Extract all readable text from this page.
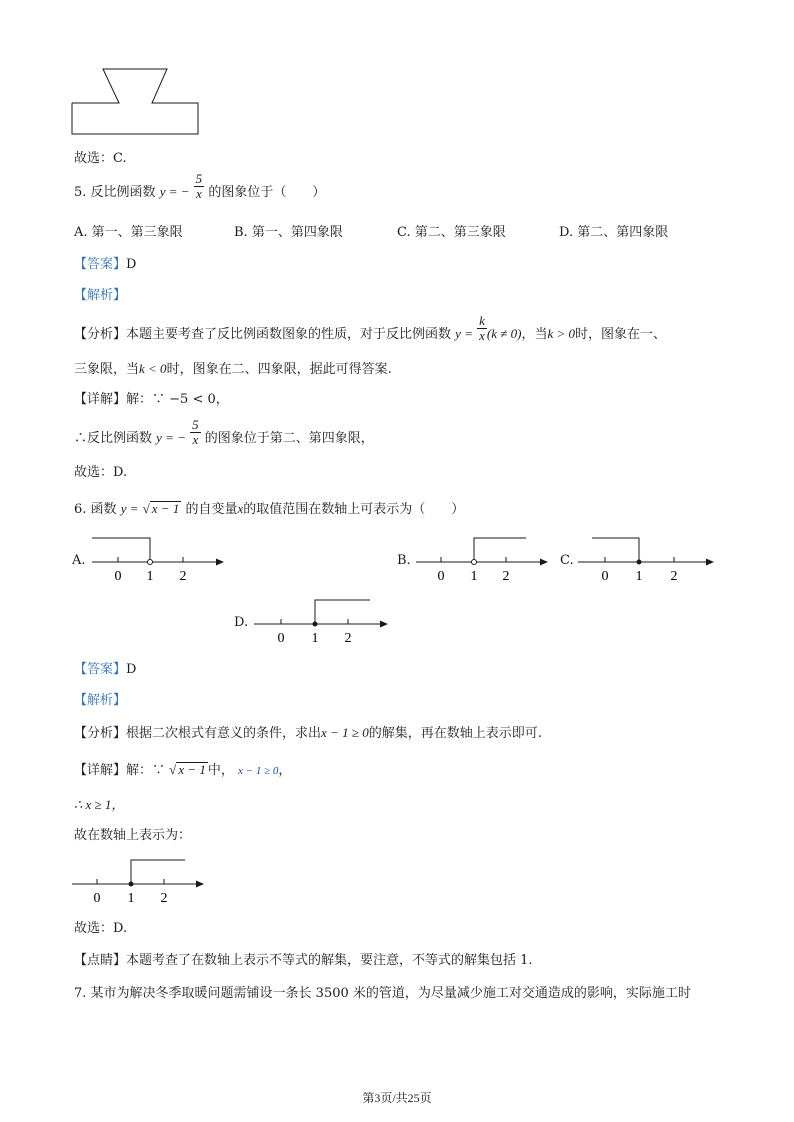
故选：C.
5. 反比例函数 y = − $\frac{5}{x}$ 的图象位于（　　）
A. 第一、第三象限	B. 第一、第四象限	C. 第二、第三象限	D. 第二、第四象限
【答案】D
【解析】
【分析】本题主要考查了反比例函数图象的性质，对于反比例函数 $y = \frac{k}{x} (k \ne 0)$，当k > 0时，图象在一、
三象限，当k < 0时，图象在二、四象限，据此可得答案.
【详解】解：∵ −5 < 0，
∴反比例函数 y = − $\frac{5}{x}$ 的图象位于第二、第四象限，
故选：D.
6. 函数 y = √ x − 1 的自变量x的取值范围在数轴上可表示为（　　）
A.
0 1 2
B.
0 1 2
C.
0 1 2
D.
0 1 2
【答案】D
【解析】
【分析】根据二次根式有意义的条件，求出x − 1 ≥ 0的解集，再在数轴上表示即可.
【详解】解：∵ √ x − 1 中， x − 1 ≥ 0，
∴ x ≥ 1，
故在数轴上表示为：
0 1 2
故选：D.
【点睛】本题考查了在数轴上表示不等式的解集，要注意，不等式的解集包括 1.
7. 某市为解决冬季取暖问题需铺设一条长 3500 米的管道，为尽量减少施工对交通造成的影响，实际施工时
第3页/共25页
